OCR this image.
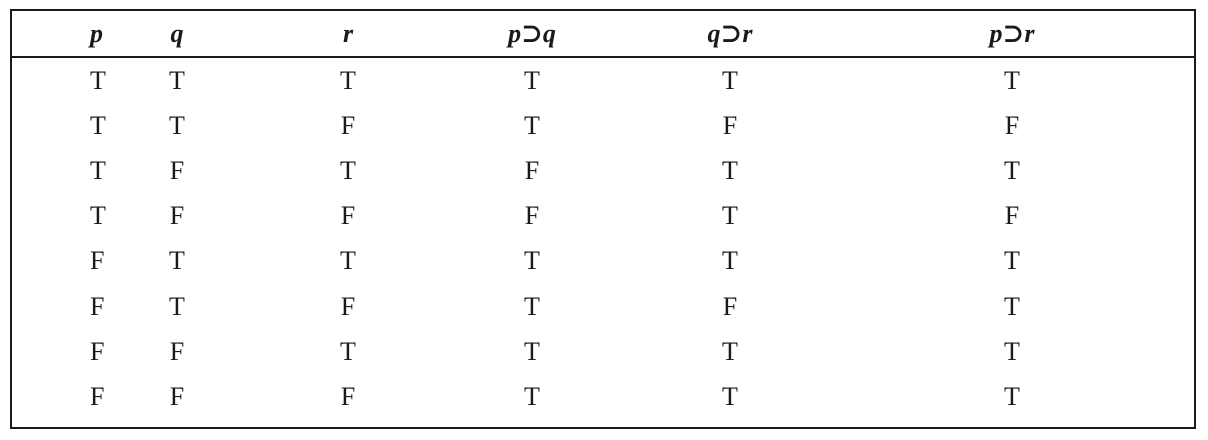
p	q	r	p⊃q	q⊃r	p⊃r
T	T	T	T	T	T
T	T	F	T	F	F
T	F	T	F	T	T
T	F	F	F	T	F
F	T	T	T	T	T
F	T	F	T	F	T
F	F	T	T	T	T
F	F	F	T	T	T
